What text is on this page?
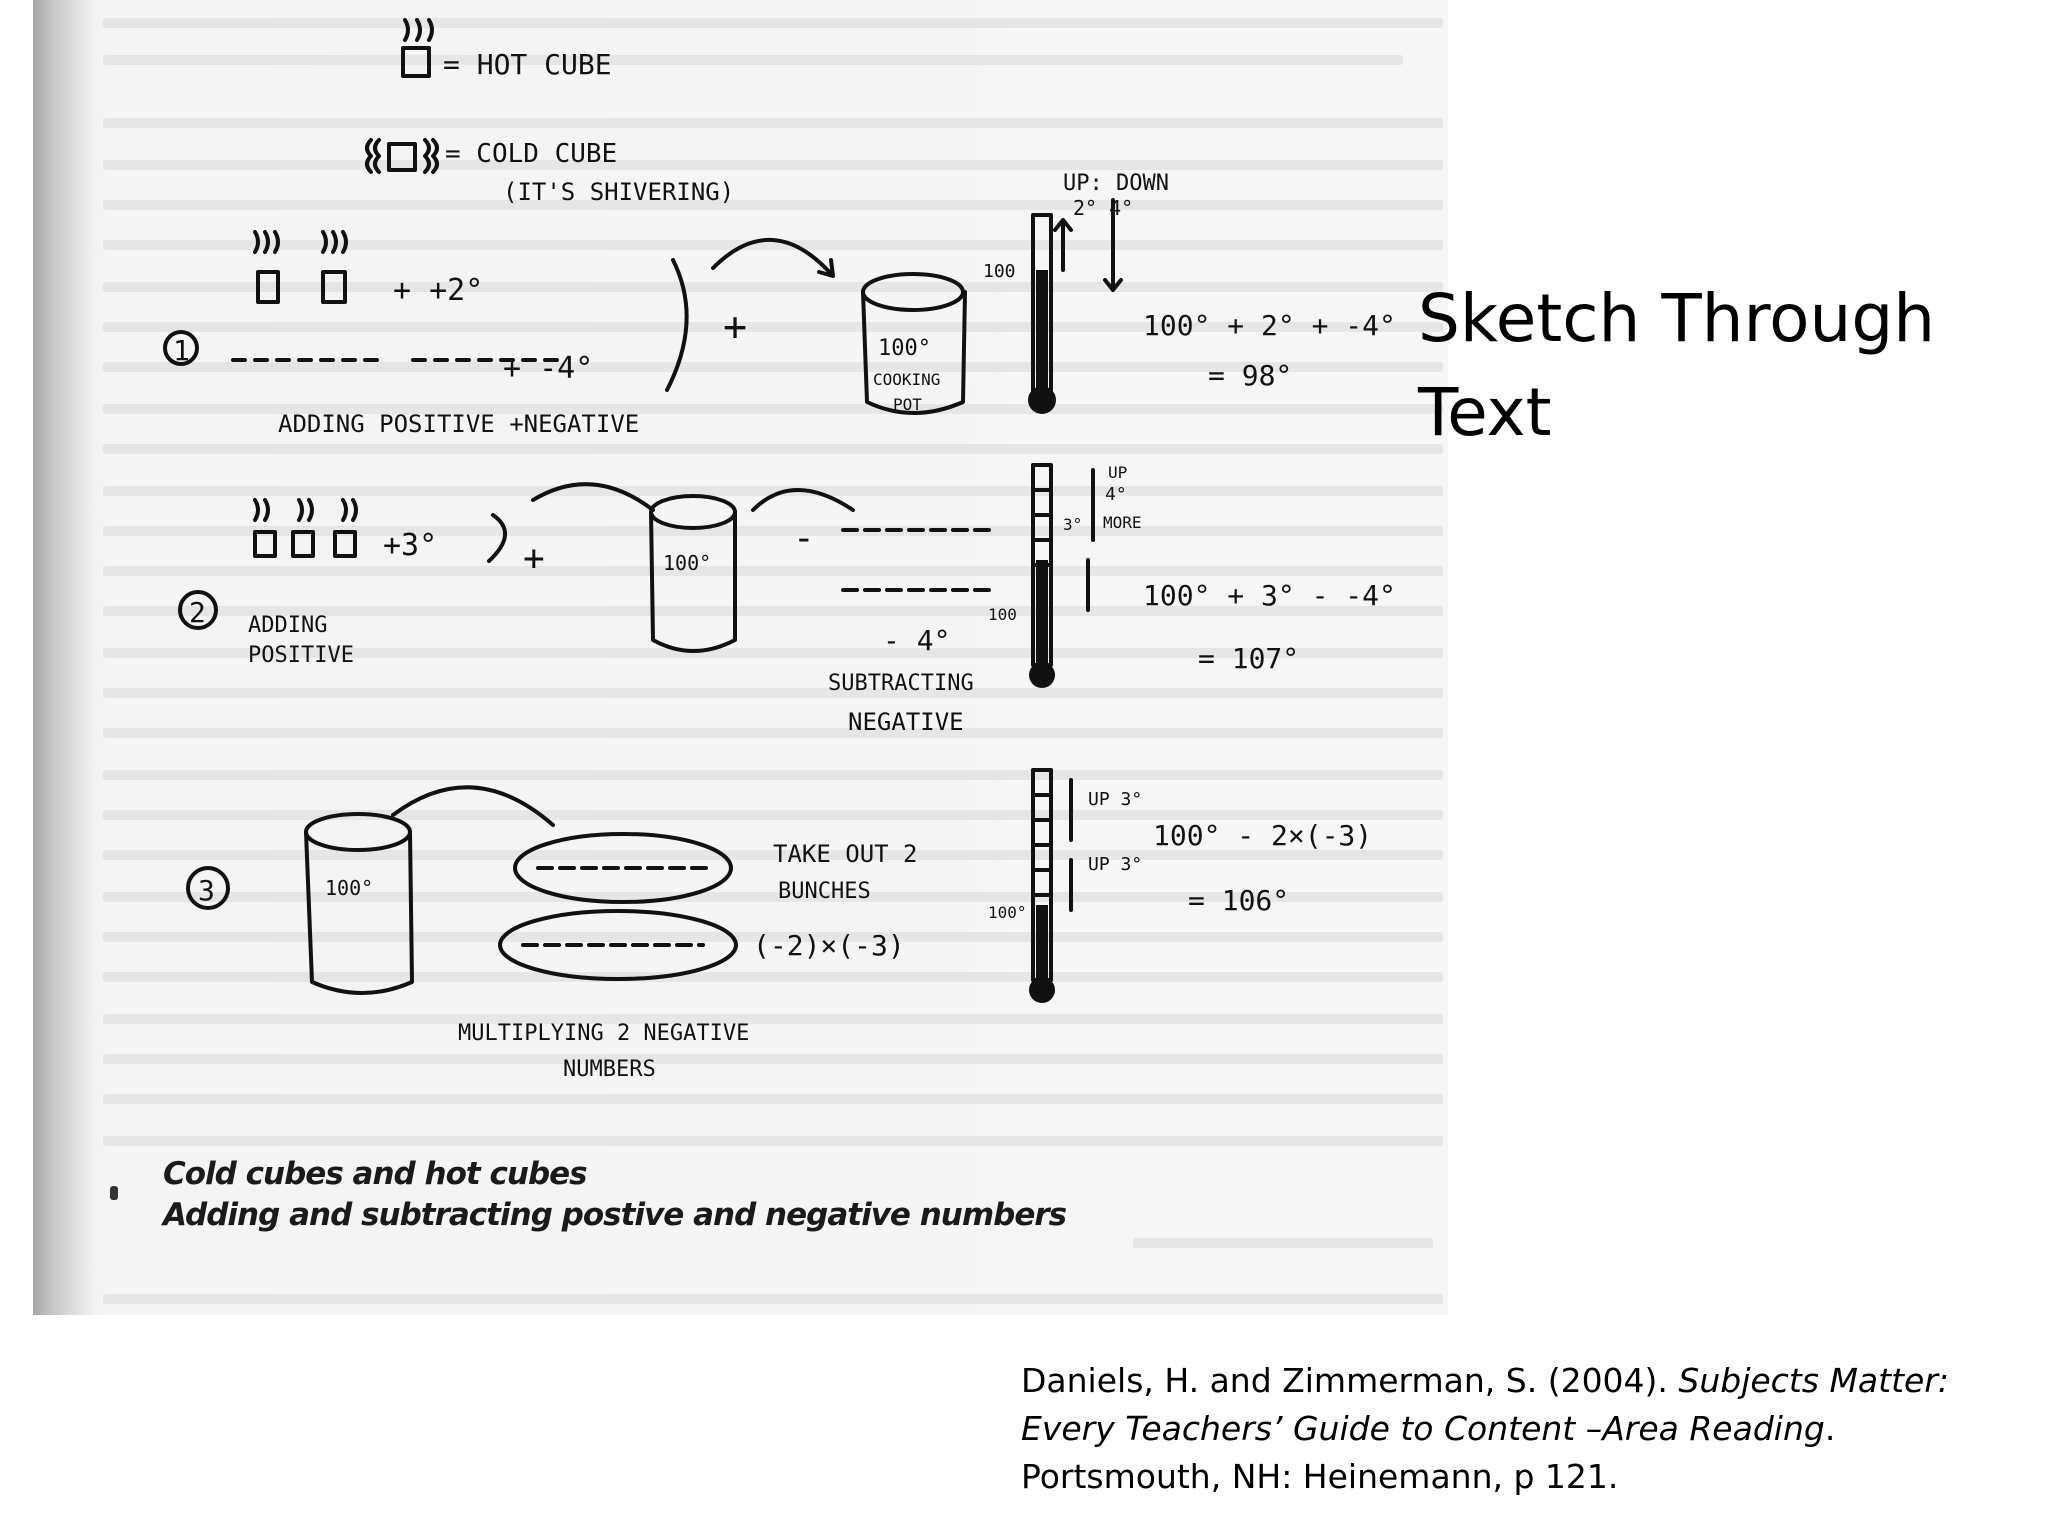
= HOT CUBE
= COLD CUBE
(IT'S SHIVERING)
+ +2°
1
+ -4°
ADDING POSITIVE +NEGATIVE
+	100°
COOKING
POT
UP: DOWN
2° 4°
100
100° + 2° + -4°
= 98°
+3° +
2 ADDING
POSITIVE
100°
-
- 4°
SUBTRACTING
NEGATIVE
UP
4°
MORE
3°
100
100° + 3° - -4°
= 107°
3	100°
(-2)×(-3)
TAKE OUT 2
BUNCHES
MULTIPLYING 2 NEGATIVE
NUMBERS
UP 3°
UP 3°
100°
100° - 2×(-3)
= 106°
Cold cubes and hot cubes
Adding and subtracting postive and negative numbers
Sketch Through
Text
Daniels, H. and Zimmerman, S. (2004). Subjects Matter:
Every Teachers’ Guide to Content –Area Reading.
Portsmouth, NH: Heinemann, p 121.
